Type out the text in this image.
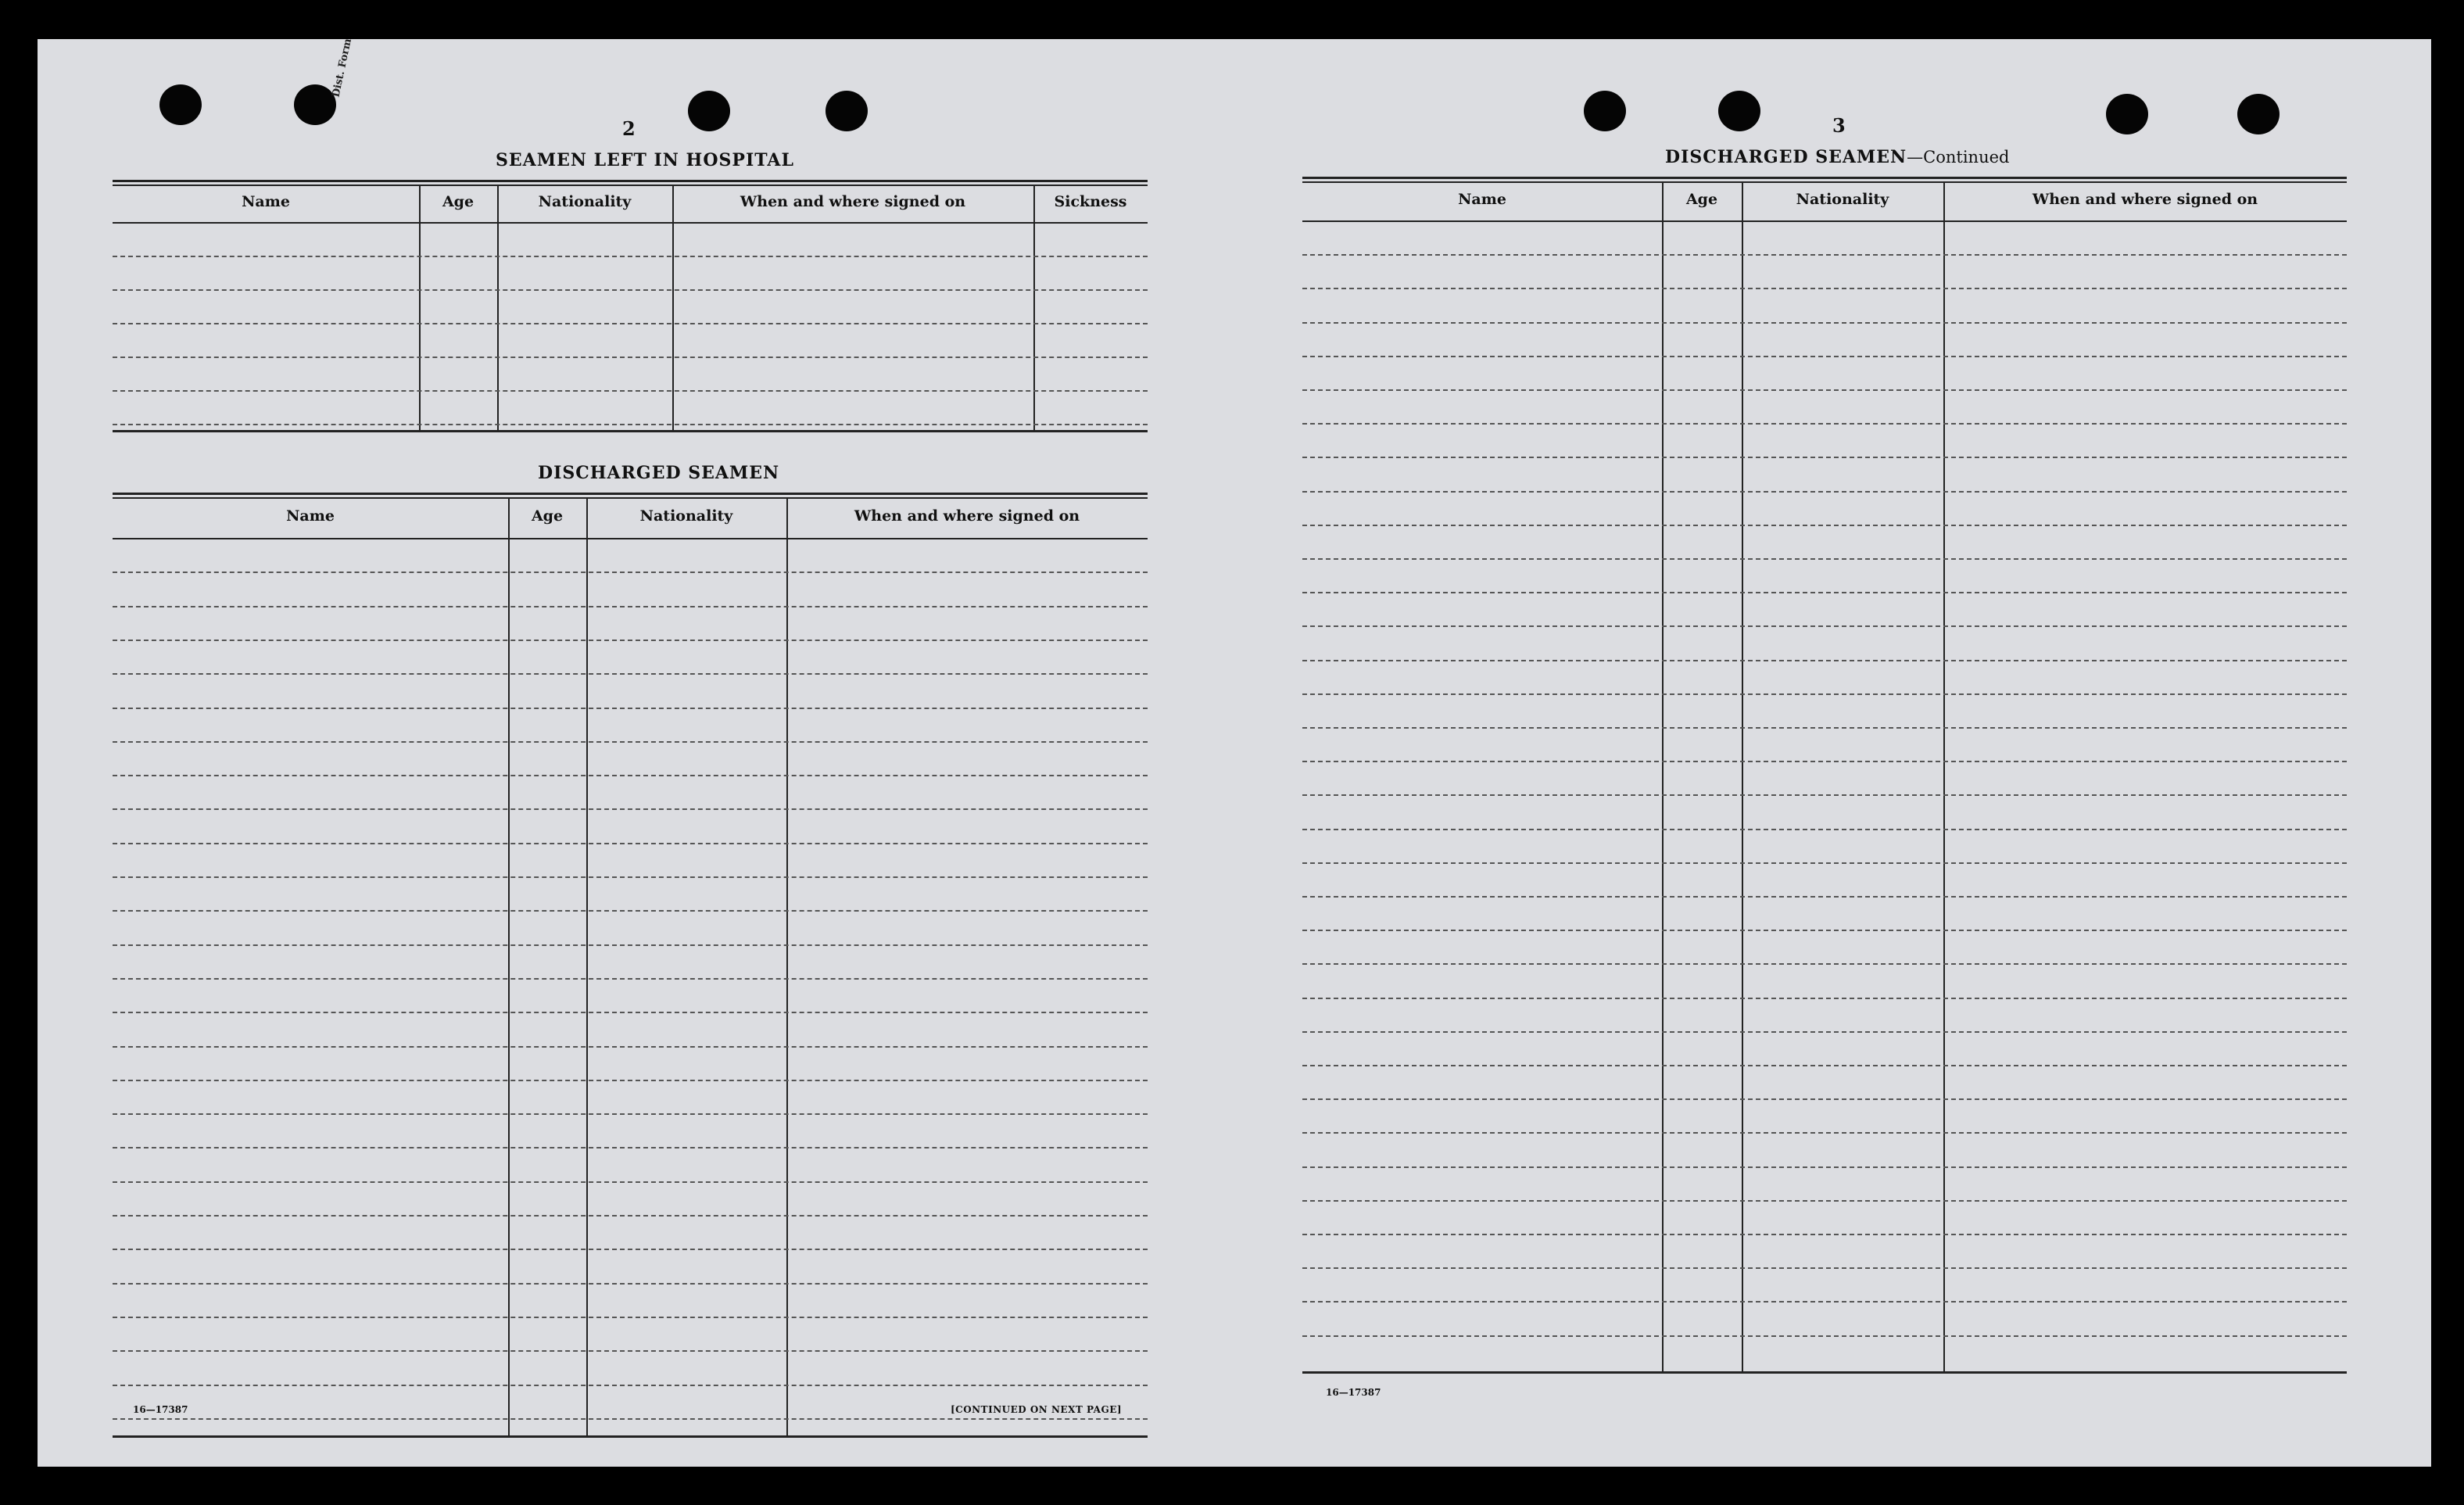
Dist. Form
2
SEAMEN LEFT IN HOSPITAL
Name	Age	Nationality	When and where signed on	Sickness
DISCHARGED SEAMEN
Name	Age	Nationality	When and where signed on
16—17387	[CONTINUED ON NEXT PAGE]
3
DISCHARGED SEAMEN—Continued
Name	Age	Nationality	When and where signed on
16—17387
